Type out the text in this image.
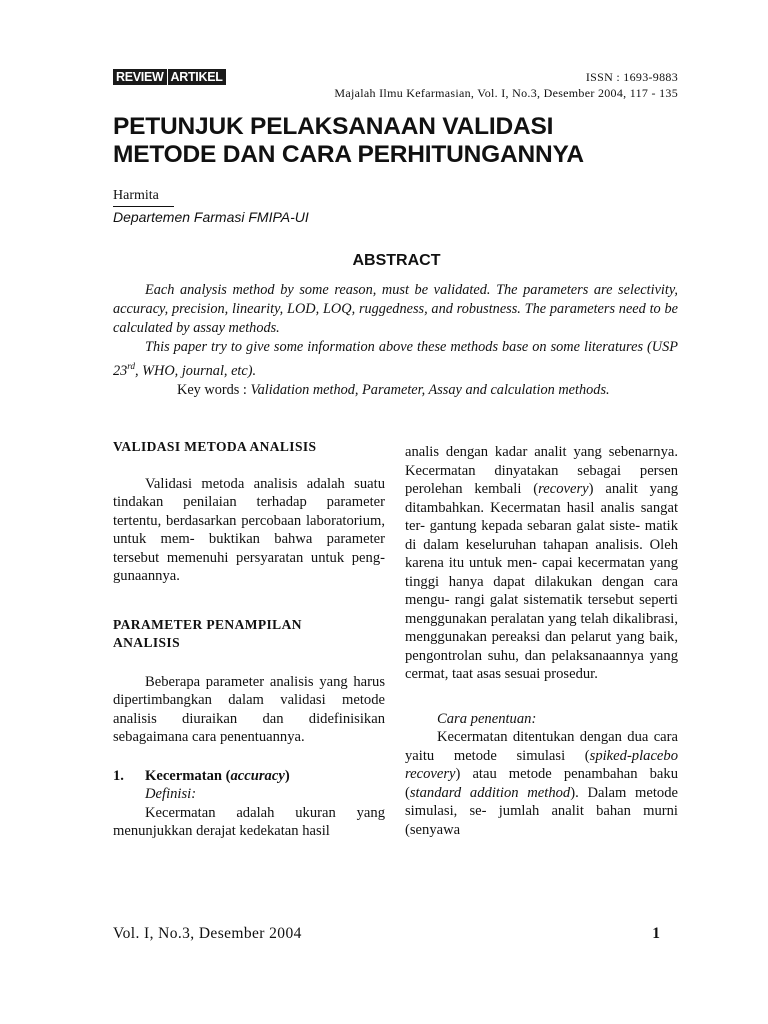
REVIEW ARTIKEL	ISSN : 1693-9883
Majalah Ilmu Kefarmasian, Vol. I, No.3, Desember 2004, 117 - 135
PETUNJUK PELAKSANAAN VALIDASI
METODE DAN CARA PERHITUNGANNYA
Harmita
Departemen Farmasi FMIPA-UI
ABSTRACT

Each analysis method by some reason, must be validated. The parameters are selectivity, accuracy, precision, linearity, LOD, LOQ, ruggedness, and robustness. The parameters need to be calculated by assay methods.

This paper try to give some information above these methods base on some literatures (USP 23rd, WHO, journal, etc).

Key words : Validation method, Parameter, Assay and calculation methods.

VALIDASI METODA ANALISIS

Validasi metoda analisis adalah suatu tindakan penilaian terhadap parameter tertentu, berdasarkan percobaan laboratorium, untuk mem- buktikan bahwa parameter tersebut memenuhi persyaratan untuk peng- gunaannya.

PARAMETER PENAMPILAN ANALISIS

Beberapa parameter analisis yang harus dipertimbangkan dalam validasi metode analisis diuraikan dan didefinisikan sebagaimana cara penentuannya.

1.	Kecermatan (accuracy)

Definisi:

Kecermatan adalah ukuran yang menunjukkan derajat kedekatan hasil

analis dengan kadar analit yang sebenarnya. Kecermatan dinyatakan sebagai persen perolehan kembali (recovery) analit yang ditambahkan. Kecermatan hasil analis sangat ter- gantung kepada sebaran galat siste- matik di dalam keseluruhan tahapan analisis. Oleh karena itu untuk men- capai kecermatan yang tinggi hanya dapat dilakukan dengan cara mengu- rangi galat sistematik tersebut seperti menggunakan peralatan yang telah dikalibrasi, menggunakan pereaksi dan pelarut yang baik, pengontrolan suhu, dan pelaksanaannya yang cermat, taat asas sesuai prosedur.

Cara penentuan:

Kecermatan ditentukan dengan dua cara yaitu metode simulasi (spiked-placebo recovery) atau metode penambahan baku (standard addition method). Dalam metode simulasi, se- jumlah analit bahan murni (senyawa

Vol. I, No.3, Desember 2004	1
